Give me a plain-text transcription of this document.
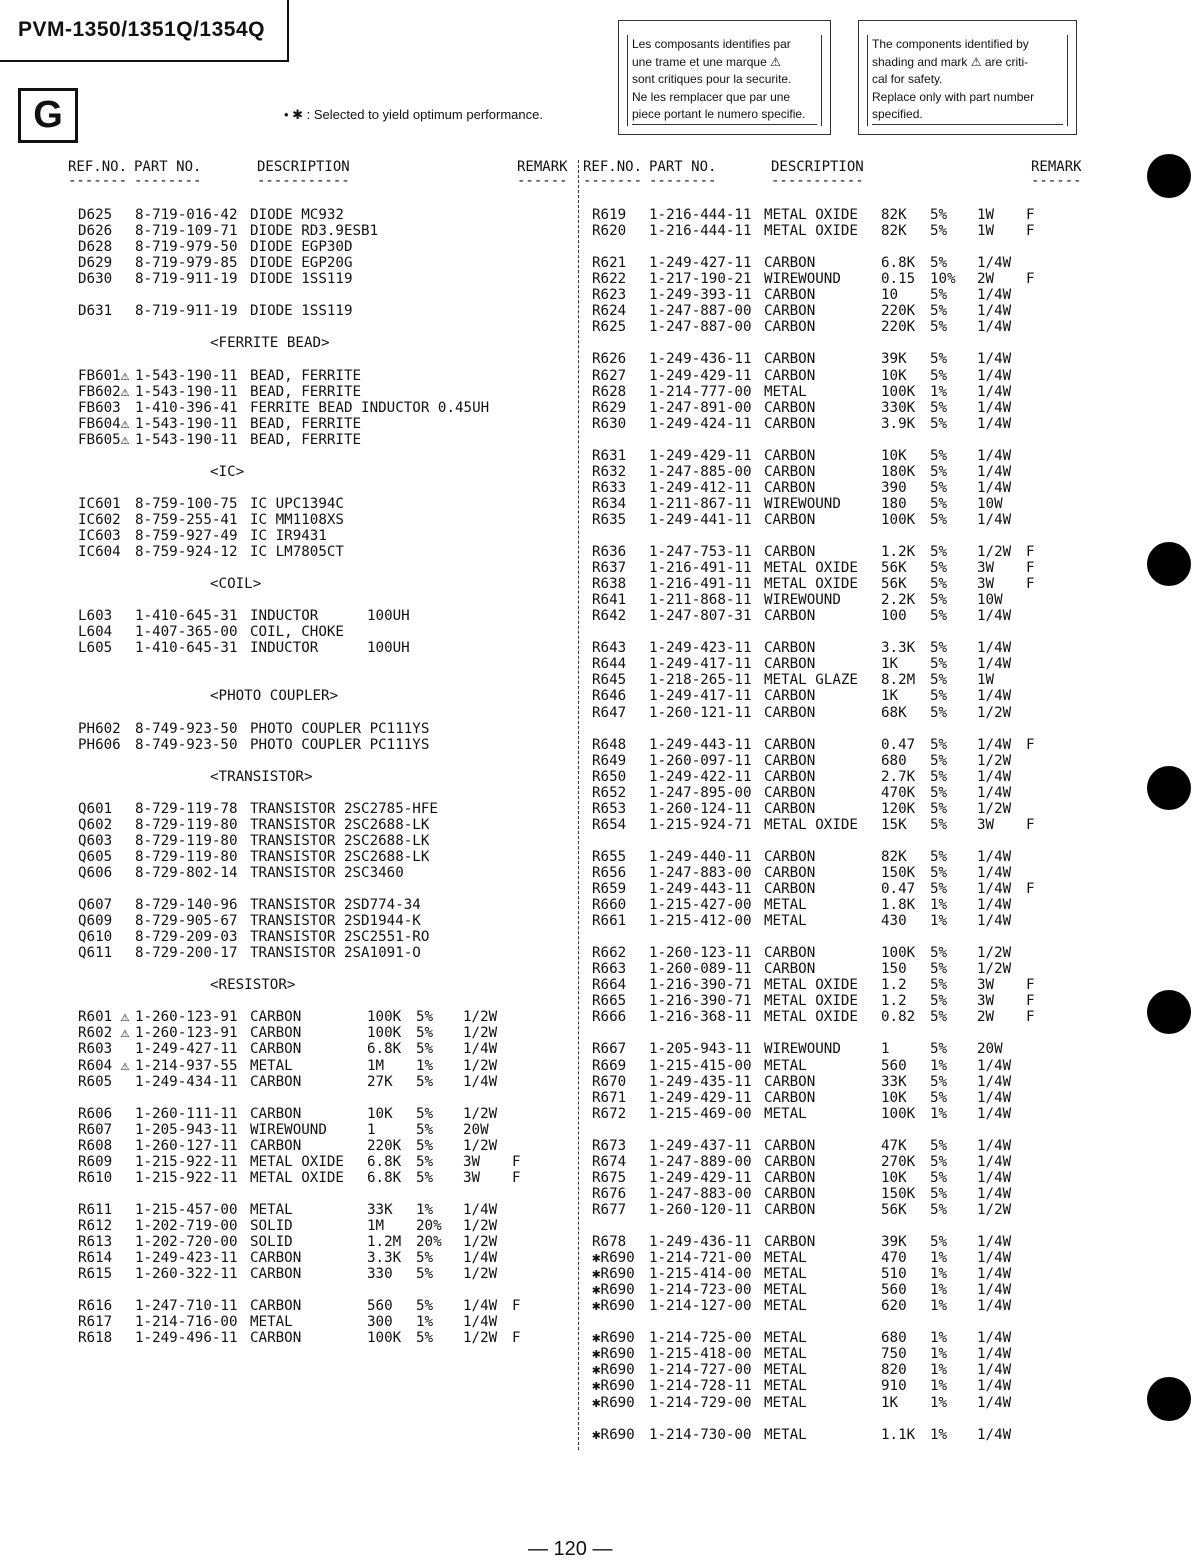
PVM-1350/1351Q/1354Q
G	• ✱ : Selected to yield optimum performance.
Les composants identifies par
une trame et une marque ⚠
sont critiques pour la securite.
Ne les remplacer que par une
piece portant le numero specifie.
The components identified by
shading and mark ⚠ are criti-
cal for safety.
Replace only with part number
specified.
REF.NO. PART NO.	DESCRIPTION	REMARK
------- --------	-----------	------
REF.NO. PART NO.	DESCRIPTION	REMARK
------- --------	-----------	------
D625 8-719-016-42 DIODE MC932
D626 8-719-109-71 DIODE RD3.9ESB1
D628 8-719-979-50 DIODE EGP30D
D629 8-719-979-85 DIODE EGP20G
D630 8-719-911-19 DIODE 1SS119
D631 8-719-911-19 DIODE 1SS119
<FERRITE BEAD>
FB601⚠ 1-543-190-11 BEAD, FERRITE
FB602⚠ 1-543-190-11 BEAD, FERRITE
FB603 1-410-396-41 FERRITE BEAD INDUCTOR 0.45UH
FB604⚠ 1-543-190-11 BEAD, FERRITE
FB605⚠ 1-543-190-11 BEAD, FERRITE
<IC>
IC601 8-759-100-75 IC UPC1394C
IC602 8-759-255-41 IC MM1108XS
IC603 8-759-927-49 IC IR9431
IC604 8-759-924-12 IC LM7805CT
<COIL>
L603 1-410-645-31 INDUCTOR	100UH
L604 1-407-365-00 COIL, CHOKE
L605 1-410-645-31 INDUCTOR	100UH
<PHOTO COUPLER>
PH602 8-749-923-50 PHOTO COUPLER PC111YS
PH606 8-749-923-50 PHOTO COUPLER PC111YS
<TRANSISTOR>
Q601 8-729-119-78 TRANSISTOR 2SC2785-HFE
Q602 8-729-119-80 TRANSISTOR 2SC2688-LK
Q603 8-729-119-80 TRANSISTOR 2SC2688-LK
Q605 8-729-119-80 TRANSISTOR 2SC2688-LK
Q606 8-729-802-14 TRANSISTOR 2SC3460
Q607 8-729-140-96 TRANSISTOR 2SD774-34
Q609 8-729-905-67 TRANSISTOR 2SD1944-K
Q610 8-729-209-03 TRANSISTOR 2SC2551-RO
Q611 8-729-200-17 TRANSISTOR 2SA1091-O
<RESISTOR>
R601 ⚠ 1-260-123-91 CARBON	100K 5% 1/2W
R602 ⚠ 1-260-123-91 CARBON	100K 5% 1/2W
R603 1-249-427-11 CARBON	6.8K 5% 1/4W
R604 ⚠ 1-214-937-55 METAL	1M 1% 1/2W
R605 1-249-434-11 CARBON	27K 5% 1/4W
R606 1-260-111-11 CARBON	10K 5% 1/2W
R607 1-205-943-11 WIREWOUND	1	5% 20W
R608 1-260-127-11 CARBON	220K 5% 1/2W
R609 1-215-922-11 METAL OXIDE 6.8K 5% 3W F
R610 1-215-922-11 METAL OXIDE 6.8K 5% 3W F
R611 1-215-457-00 METAL	33K 1% 1/4W
R612 1-202-719-00 SOLID	1M 20% 1/2W
R613 1-202-720-00 SOLID	1.2M 20% 1/2W
R614 1-249-423-11 CARBON	3.3K 5% 1/4W
R615 1-260-322-11 CARBON	330 5% 1/2W
R616 1-247-710-11 CARBON	560 5% 1/4W F
R617 1-214-716-00 METAL	300 1% 1/4W
R618 1-249-496-11 CARBON	100K 5% 1/2W F
R619 1-216-444-11 METAL OXIDE 82K 5% 1W F
R620 1-216-444-11 METAL OXIDE 82K 5% 1W F
R621 1-249-427-11 CARBON	6.8K 5% 1/4W
R622 1-217-190-21 WIREWOUND	0.15 10% 2W F
R623 1-249-393-11 CARBON	10 5% 1/4W
R624 1-247-887-00 CARBON	220K 5% 1/4W
R625 1-247-887-00 CARBON	220K 5% 1/4W
R626 1-249-436-11 CARBON	39K 5% 1/4W
R627 1-249-429-11 CARBON	10K 5% 1/4W
R628 1-214-777-00 METAL	100K 1% 1/4W
R629 1-247-891-00 CARBON	330K 5% 1/4W
R630 1-249-424-11 CARBON	3.9K 5% 1/4W
R631 1-249-429-11 CARBON	10K 5% 1/4W
R632 1-247-885-00 CARBON	180K 5% 1/4W
R633 1-249-412-11 CARBON	390 5% 1/4W
R634 1-211-867-11 WIREWOUND	180 5% 10W
R635 1-249-441-11 CARBON	100K 5% 1/4W
R636 1-247-753-11 CARBON	1.2K 5% 1/2W F
R637 1-216-491-11 METAL OXIDE 56K 5% 3W F
R638 1-216-491-11 METAL OXIDE 56K 5% 3W F
R641 1-211-868-11 WIREWOUND	2.2K 5% 10W
R642 1-247-807-31 CARBON	100 5% 1/4W
R643 1-249-423-11 CARBON	3.3K 5% 1/4W
R644 1-249-417-11 CARBON	1K 5% 1/4W
R645 1-218-265-11 METAL GLAZE 8.2M 5% 1W
R646 1-249-417-11 CARBON	1K 5% 1/4W
R647 1-260-121-11 CARBON	68K 5% 1/2W
R648 1-249-443-11 CARBON	0.47 5% 1/4W F
R649 1-260-097-11 CARBON	680 5% 1/2W
R650 1-249-422-11 CARBON	2.7K 5% 1/4W
R652 1-247-895-00 CARBON	470K 5% 1/4W
R653 1-260-124-11 CARBON	120K 5% 1/2W
R654 1-215-924-71 METAL OXIDE 15K 5% 3W F
R655 1-249-440-11 CARBON	82K 5% 1/4W
R656 1-247-883-00 CARBON	150K 5% 1/4W
R659 1-249-443-11 CARBON	0.47 5% 1/4W F
R660 1-215-427-00 METAL	1.8K 1% 1/4W
R661 1-215-412-00 METAL	430 1% 1/4W
R662 1-260-123-11 CARBON	100K 5% 1/2W
R663 1-260-089-11 CARBON	150 5% 1/2W
R664 1-216-390-71 METAL OXIDE 1.2 5% 3W F
R665 1-216-390-71 METAL OXIDE 1.2 5% 3W F
R666 1-216-368-11 METAL OXIDE 0.82 5% 2W F
R667 1-205-943-11 WIREWOUND	1	5% 20W
R669 1-215-415-00 METAL	560 1% 1/4W
R670 1-249-435-11 CARBON	33K 5% 1/4W
R671 1-249-429-11 CARBON	10K 5% 1/4W
R672 1-215-469-00 METAL	100K 1% 1/4W
R673 1-249-437-11 CARBON	47K 5% 1/4W
R674 1-247-889-00 CARBON	270K 5% 1/4W
R675 1-249-429-11 CARBON	10K 5% 1/4W
R676 1-247-883-00 CARBON	150K 5% 1/4W
R677 1-260-120-11 CARBON	56K 5% 1/2W
R678 1-249-436-11 CARBON	39K 5% 1/4W
✱R690 1-214-721-00 METAL	470 1% 1/4W
✱R690 1-215-414-00 METAL	510 1% 1/4W
✱R690 1-214-723-00 METAL	560 1% 1/4W
✱R690 1-214-127-00 METAL	620 1% 1/4W
✱R690 1-214-725-00 METAL	680 1% 1/4W
✱R690 1-215-418-00 METAL	750 1% 1/4W
✱R690 1-214-727-00 METAL	820 1% 1/4W
✱R690 1-214-728-11 METAL	910 1% 1/4W
✱R690 1-214-729-00 METAL	1K 1% 1/4W
✱R690 1-214-730-00 METAL	1.1K 1% 1/4W
— 120 —
